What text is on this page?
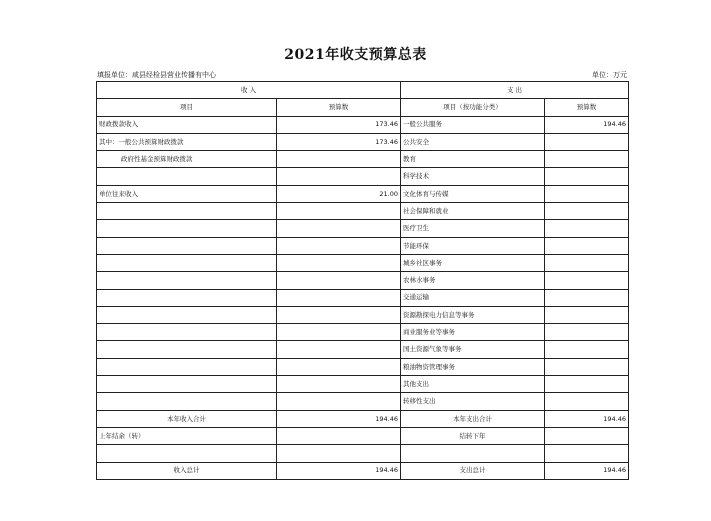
2021年收支预算总表
填报单位：咸县经检县营业传播有中心	单位：万元
收 入		支 出	
项目	预算数	项目（按功能分类）	预算数
财政拨款收入	173.46	一般公共服务	194.46
其中：一般公共预算财政拨款	173.46	公共安全	
政府性基金预算财政拨款		教育	
		科学技术	
单位往来收入	21.00	文化体育与传媒	
		社会保障和就业	
		医疗卫生	
		节能环保	
		城乡社区事务	
		农林水事务	
		交通运输	
		资源勘探电力信息等事务	
		商业服务业等事务	
		国土资源气象等事务	
		粮油物资管理事务	
		其他支出	
		转移性支出	
本年收入合计	194.46	本年支出合计	194.46
上年结余（转）		结转下年	

收入总计	194.46	支出总计	194.46
